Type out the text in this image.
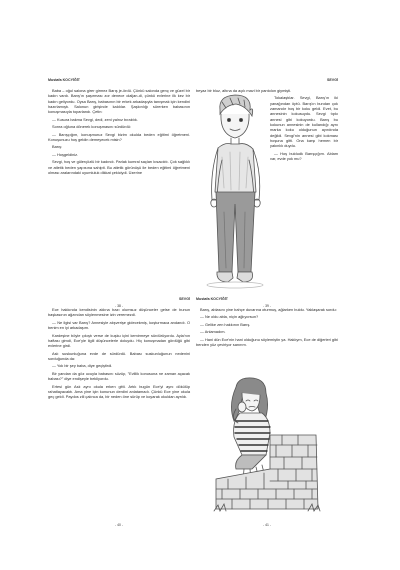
Mustafa KOCYİĞİT

Baba – oğul salona girer girmez Barış je-ördü. Çünkü salonda genç ve güzel bir kadın vardı. Barış'ın şaşırması zor denece olaljan-di, çünkü evlerine ilk kez bir kadın geliyordu. Oysa Barış, babasının bir erkek arkadaşıyla tanışmak için kendini hazırlamıştı. Salonun girişinde kaldılar. Şaşkınlığı sürerken babasının konuşmasıyla toparlandı. Çetin:

— Kusura bakma Sevgi, dedi, zeni yalnız bıraktık.

Sonra oğluna dönerek konuşmasını sürdürdü:

— Barışçığım, konuşmuruz Sevgi bizim okulda beden eğitimi öğretmeni. Konuşunuzu hoş geldin demeyecek misin?

Barış:

— Hoşgeldiniz.

Sevgi, hoş ve gülerçözlü bir kadındı. Parlak kumral saçları kısacıktı. Çok sağlıklı ve atletik beden yapısına sahipti. Bu atletik görünüşü ile beden eğitimi öğretmeni olması aralarındaki uyumluluk dikkat çekiciydi. Üzerine

- 38 -
SEVGİ

beyaz bir bluz, altına da açık mavi bir pantolon giymişti.

Tokalaştılar. Sevgi, Barış'ın iki yanağından öptü. Barış'ın bundan çok zamandır hoş bir koku geldi. Evet, bu annesinin kokusuydu. Sevgi tıpkı annesi gibi kokuyordu. Barış bu kokunun annesinin de kullandığı aynı marka koku olduğunun ayırdında değildi. Sevgi'nin annesi gibi kokması hoşuna gitti. Ona karşı hemen bir yakınlık duydu.

— Hoş buldudk Barışçığım. Ablam var, evde yok mu?

- 39 -
SEVGİ

Ece hakkında kendisinin aklına bazı olumsuz düşünceler gelse de bunun başkasının ağzından söylenmesine izin veremezdi.

— Ne ilgisi var Barış? Annesiyle alışverişe gidecekmiş, koşturmaca andandı. O benim en iyi arkadaşım.

Kardeşine böyle çıkıştı verse de kuşku içini kemirmeye sürdürüyordu. Ayla'nın haftası gimdi, Ece'yle ilgili düşüncelerle doluydu. Hiç konuşmadan gördüğü gibi evlerine girdi.

Aslı suskunluğuna evde de sürdürdü. Babası suskunluğunun nedenini sorduğunda da:

— Yok bir şey baba, diye geçiştirdi.

Bir yandan da göz ucuyla babasını süzüp, "Evlilik konusuna ne zaman açacak babası?" diye endişeyle bekliyordu.

Ertesi gün Aslı aynı okula erken gitti. Artık bugün Ece'yi aynı dökülüp rahatlayacaktı. Ama yine için konunun derdini anlatamadı. Çünkü Ece yine okula geç geldi. Paydos zili çalınca da, bir neden öne sürüp ve koyarak okuldan ayrıldı.

- 40 -
Mustafa KOCYİĞİT

Barış, ablasını yine bahçe duvarına oturmuş, ağlarken buldu. Yaklaşarak sordu:

— Ne oldu abla, niçin ağlıyorsun?

— Gelike zen hakkının Barış.

— Anlamadım.

— Hani dün Ece'nin hani olduğunu söylemiştin ya. Haklıym, Ece de diğerleri gibi benden yüz çeviriyor sanırım.

- 41 -
